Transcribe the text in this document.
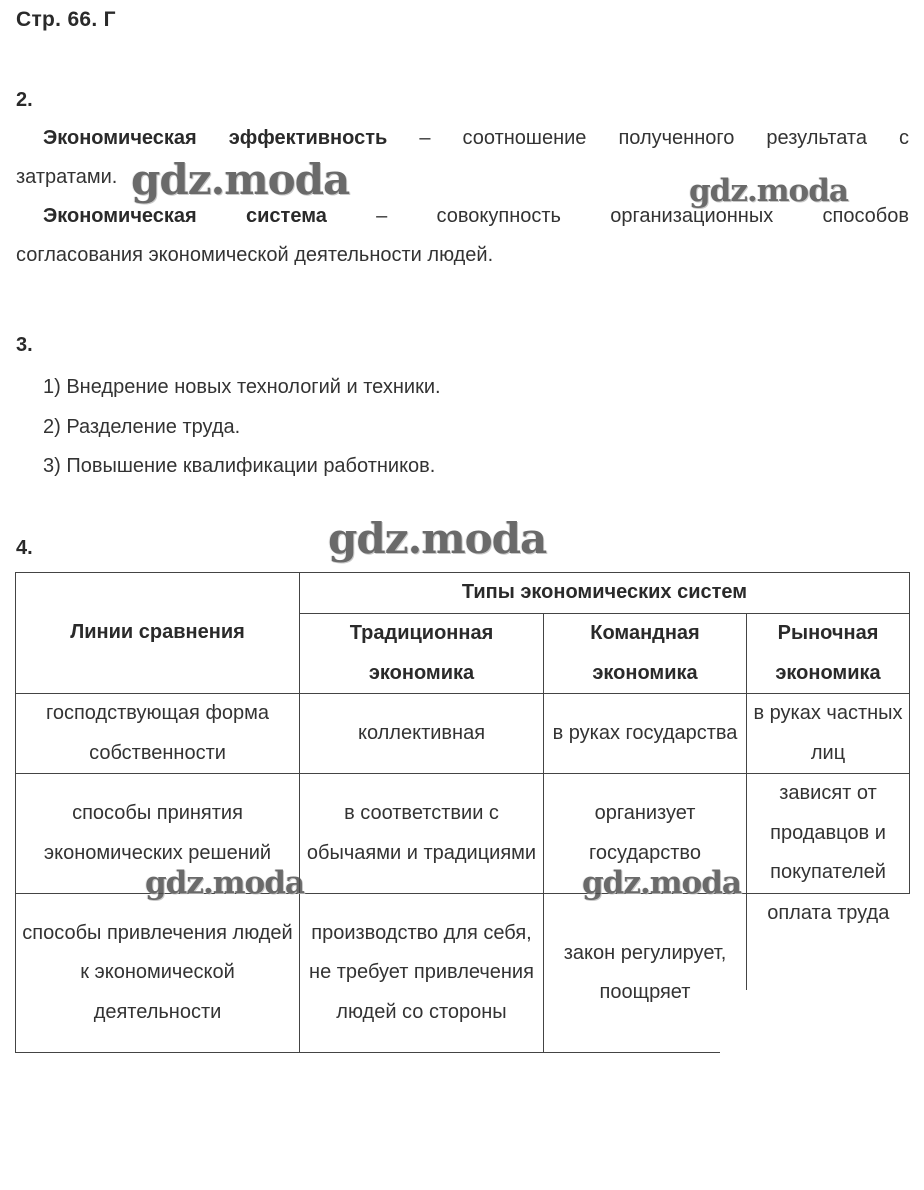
Стр. 66. Г
2.
Экономическая эффективность – соотношение полученного результата с
затратами.
Экономическая система – совокупность организационных способов
согласования экономической деятельности людей.
3.
1) Внедрение новых технологий и техники.
2) Разделение труда.
3) Повышение квалификации работников.
4.
Линии сравнения	Типы экономических систем		
	Традиционная экономика	Командная экономика	Рыночная экономика
господствующая форма собственности	коллективная	в руках государства	в руках частных лиц
способы принятия экономических решений	в соответствии с обычаями и традициями	организует государство	зависят от продавцов и покупателей
способы привлечения людей к экономической деятельности	производство для себя, не требует привлечения людей со стороны	закон регулирует, поощряет	оплата труда
gdz.moda	gdz.moda
gdz.moda
gdz.moda	gdz.moda
